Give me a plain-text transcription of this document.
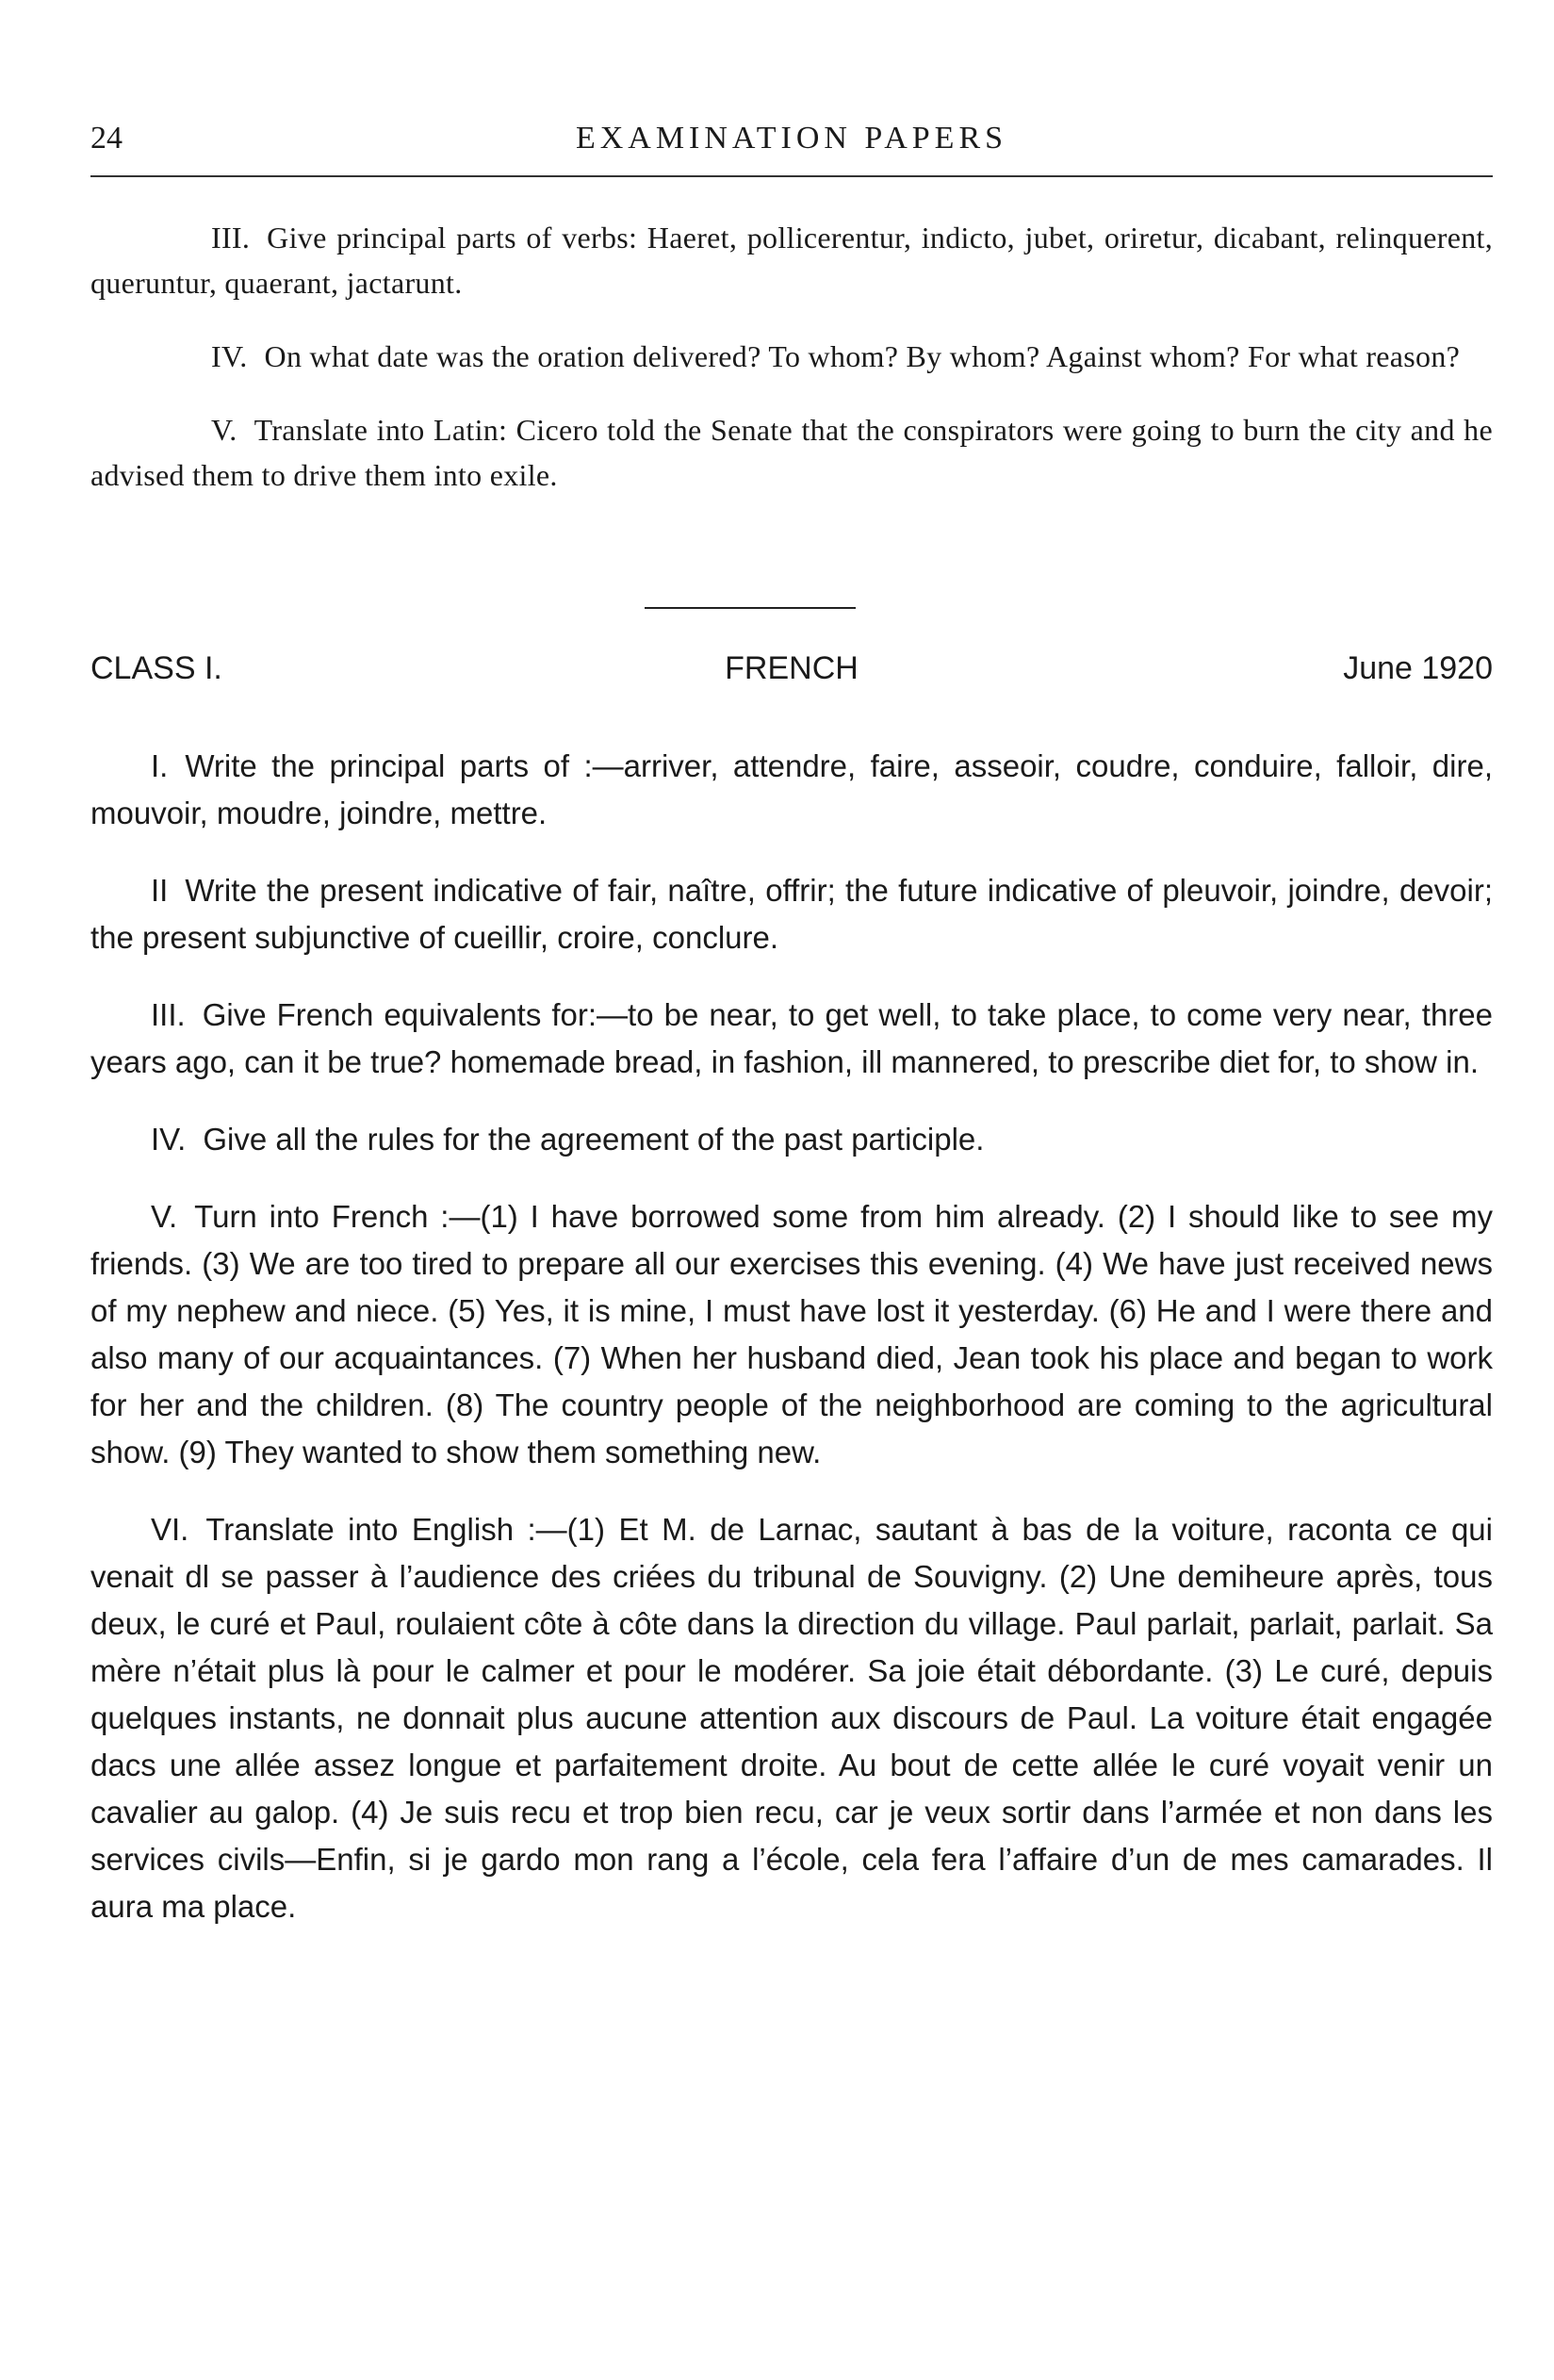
24	EXAMINATION PAPERS

III. Give principal parts of verbs: Haeret, pollicerentur, indicto, jubet, oriretur, dicabant, relinquerent, queruntur, quaerant, jactarunt.

IV. On what date was the oration delivered? To whom? By whom? Against whom? For what reason?

V. Translate into Latin: Cicero told the Senate that the conspirators were going to burn the city and he advised them to drive them into exile.

CLASS I.	FRENCH	June 1920

I. Write the principal parts of :—arriver, attendre, faire, asseoir, coudre, conduire, falloir, dire, mouvoir, moudre, joindre, mettre.

II Write the present indicative of fair, naître, offrir; the future indicative of pleuvoir, joindre, devoir; the present subjunctive of cueillir, croire, conclure.

III. Give French equivalents for:—to be near, to get well, to take place, to come very near, three years ago, can it be true? homemade bread, in fashion, ill mannered, to prescribe diet for, to show in.

IV. Give all the rules for the agreement of the past participle.

V. Turn into French :—(1) I have borrowed some from him already. (2) I should like to see my friends. (3) We are too tired to prepare all our exercises this evening. (4) We have just received news of my nephew and niece. (5) Yes, it is mine, I must have lost it yesterday. (6) He and I were there and also many of our acquaintances. (7) When her husband died, Jean took his place and began to work for her and the children. (8) The country people of the neighborhood are coming to the agricultural show. (9) They wanted to show them something new.

VI. Translate into English :—(1) Et M. de Larnac, sautant à bas de la voiture, raconta ce qui venait dl se passer à l’audience des criées du tribunal de Souvigny. (2) Une demiheure après, tous deux, le curé et Paul, roulaient côte à côte dans la direction du village. Paul parlait, parlait, parlait. Sa mère n’était plus là pour le calmer et pour le modérer. Sa joie était débordante. (3) Le curé, depuis quelques instants, ne donnait plus aucune attention aux discours de Paul. La voiture était engagée dacs une allée assez longue et parfaitement droite. Au bout de cette allée le curé voyait venir un cavalier au galop. (4) Je suis recu et trop bien recu, car je veux sortir dans l’armée et non dans les services civils—Enfin, si je gardo mon rang a l’école, cela fera l’affaire d’un de mes camarades. Il aura ma place.
